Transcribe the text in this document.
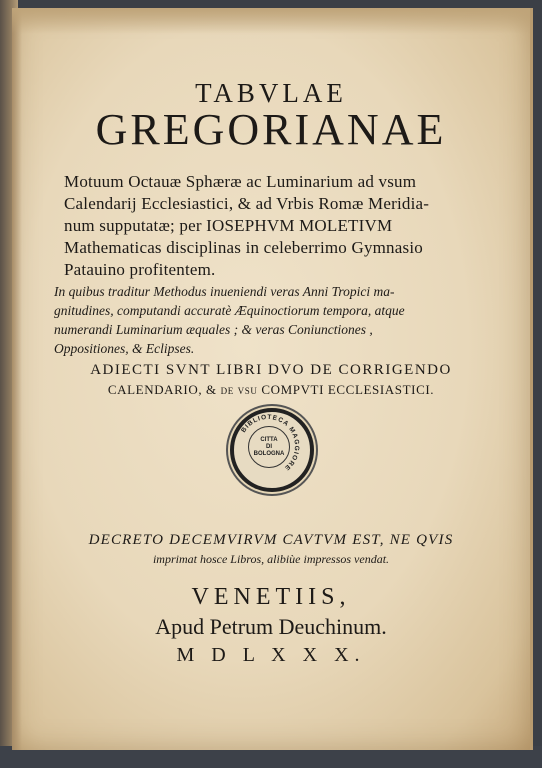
TABVLAE
GREGORIANAE
Motuum Octauæ Sphæræ ac Luminarium ad vsum
Calendarij Ecclesiastici, & ad Vrbis Romæ Meridia-
num supputatæ; per IOSEPHVM MOLETIVM
Mathematicas disciplinas in celeberrimo Gymnasio
Patauino profitentem.
In quibus traditur Methodus inueniendi veras Anni Tropici ma-
gnitudines, computandi accuratè Æquinoctiorum tempora, atque
numerandi Luminarium æquales ; & veras Coniunctiones ,
Oppositiones, & Eclipses.
ADIECTI SVNT LIBRI DVO DE CORRIGENDO
CALENDARIO, & de vsu COMPVTI ECCLESIASTICI.
BIBLIOTECA MAGGIORE
CITTA
DI
BOLOGNA
DECRETO DECEMVIRVM CAVTVM EST, NE QVIS
imprimat hosce Libros, alibiùe impressos vendat.
VENETIIS,
Apud Petrum Deuchinum.
M D L X X X.
